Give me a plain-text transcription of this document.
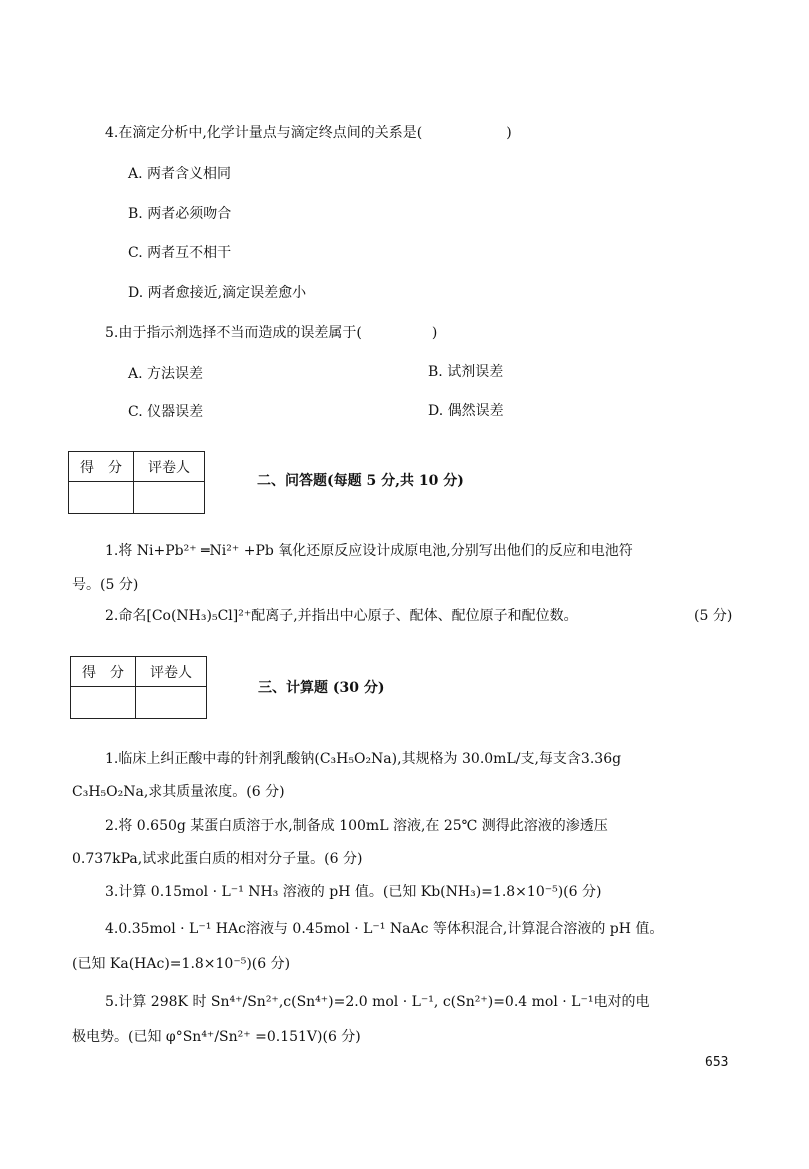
4.在滴定分析中,化学计量点与滴定终点间的关系是(　　　　　　)
A. 两者含义相同
B. 两者必须吻合
C. 两者互不相干
D. 两者愈接近,滴定误差愈小
5.由于指示剂选择不当而造成的误差属于(　　　　　)
A. 方法误差	B. 试剂误差
C. 仪器误差	D. 偶然误差
得　分	评卷人

二、问答题(每题 5 分,共 10 分)
1.将 Ni+Pb²⁺ ═Ni²⁺ +Pb 氧化还原反应设计成原电池,分别写出他们的反应和电池符
号。(5 分)
2.命名[Co(NH₃)₅Cl]²⁺配离子,并指出中心原子、配体、配位原子和配位数。	(5 分)
得　分	评卷人

三、计算题 (30 分)
1.临床上纠正酸中毒的针剂乳酸钠(C₃H₅O₂Na),其规格为 30.0mL/支,每支含3.36g
C₃H₅O₂Na,求其质量浓度。(6 分)
2.将 0.650g 某蛋白质溶于水,制备成 100mL 溶液,在 25℃ 测得此溶液的渗透压
0.737kPa,试求此蛋白质的相对分子量。(6 分)
3.计算 0.15mol · L⁻¹ NH₃ 溶液的 pH 值。(已知 Kb(NH₃)=1.8×10⁻⁵)(6 分)
4.0.35mol · L⁻¹ HAc溶液与 0.45mol · L⁻¹ NaAc 等体积混合,计算混合溶液的 pH 值。
(已知 Ka(HAc)=1.8×10⁻⁵)(6 分)
5.计算 298K 时 Sn⁴⁺/Sn²⁺,c(Sn⁴⁺)=2.0 mol · L⁻¹, c(Sn²⁺)=0.4 mol · L⁻¹电对的电
极电势。(已知 φ°Sn⁴⁺/Sn²⁺ =0.151V)(6 分)
653
